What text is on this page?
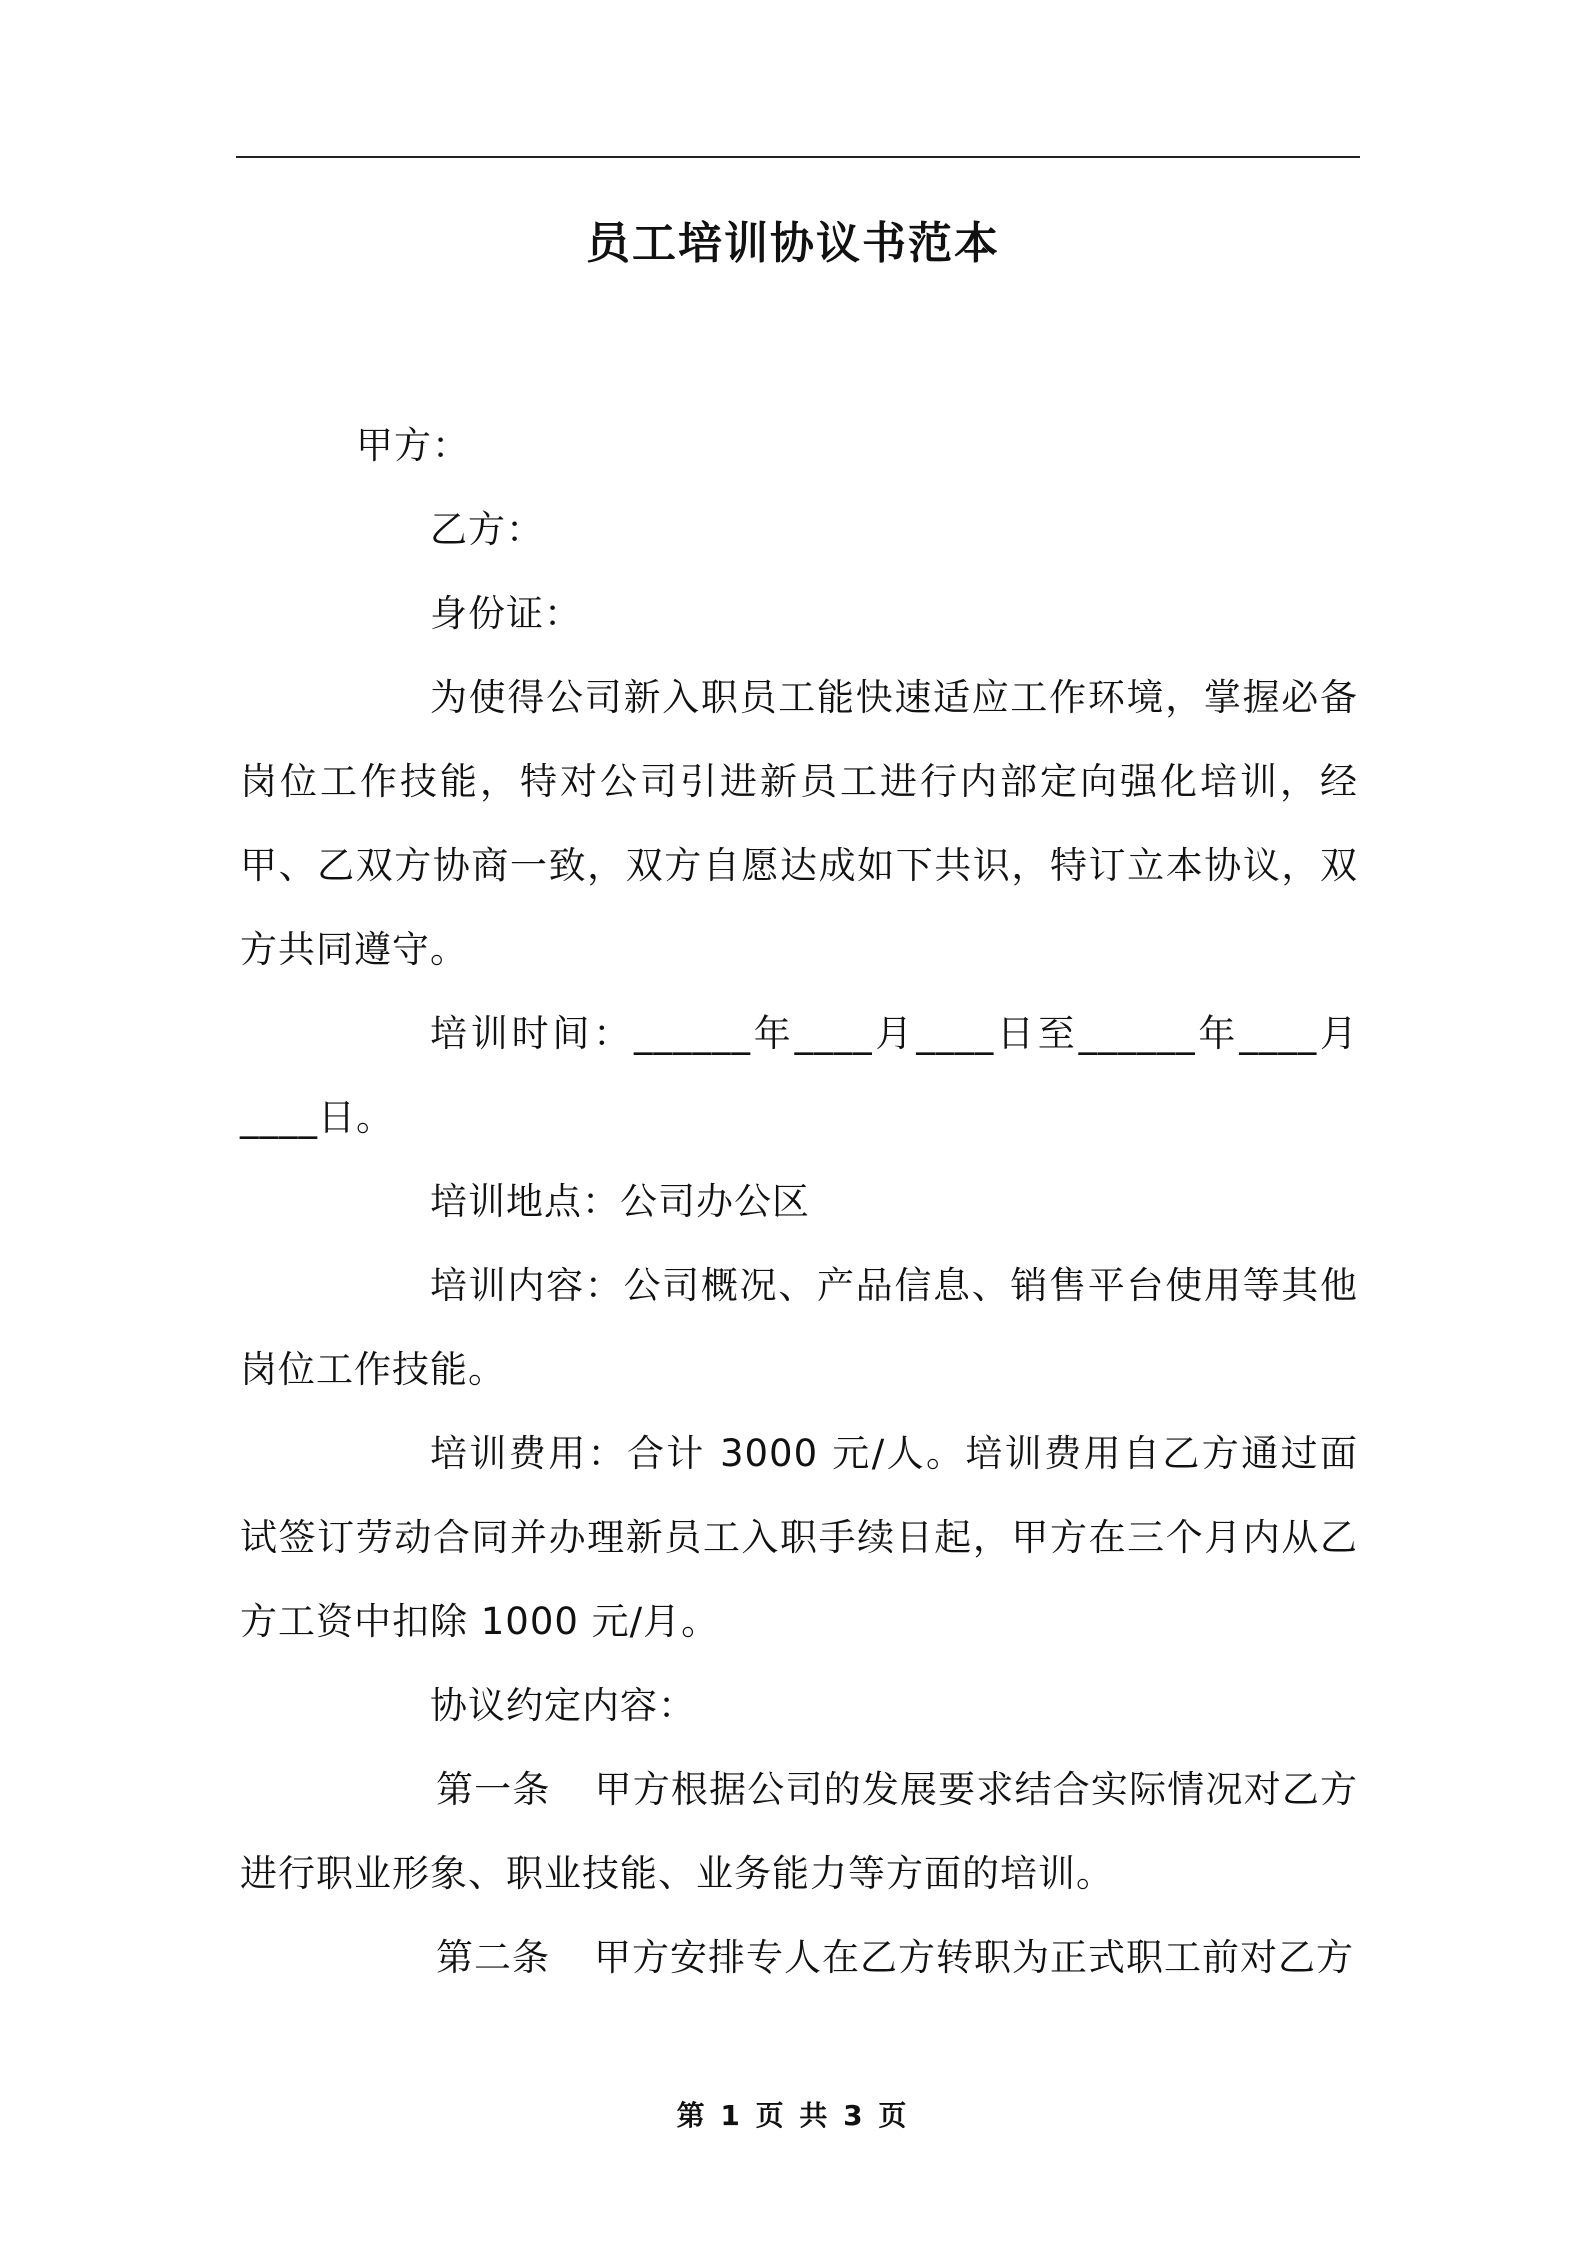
员工培训协议书范本

甲方：

乙方：

身份证：

为使得公司新入职员工能快速适应工作环境，掌握必备岗位工作技能，特对公司引进新员工进行内部定向强化培训，经甲、乙双方协商一致，双方自愿达成如下共识，特订立本协议，双方共同遵守。

培训时间：______年____月____日至______年____月____日。

培训地点：公司办公区

培训内容：公司概况、产品信息、销售平台使用等其他岗位工作技能。

培训费用：合计 3000 元/人。培训费用自乙方通过面试签订劳动合同并办理新员工入职手续日起，甲方在三个月内从乙方工资中扣除 1000 元/月。

协议约定内容：

第一条 甲方根据公司的发展要求结合实际情况对乙方进行职业形象、职业技能、业务能力等方面的培训。

第二条 甲方安排专人在乙方转职为正式职工前对乙方

第 1 页 共 3 页
